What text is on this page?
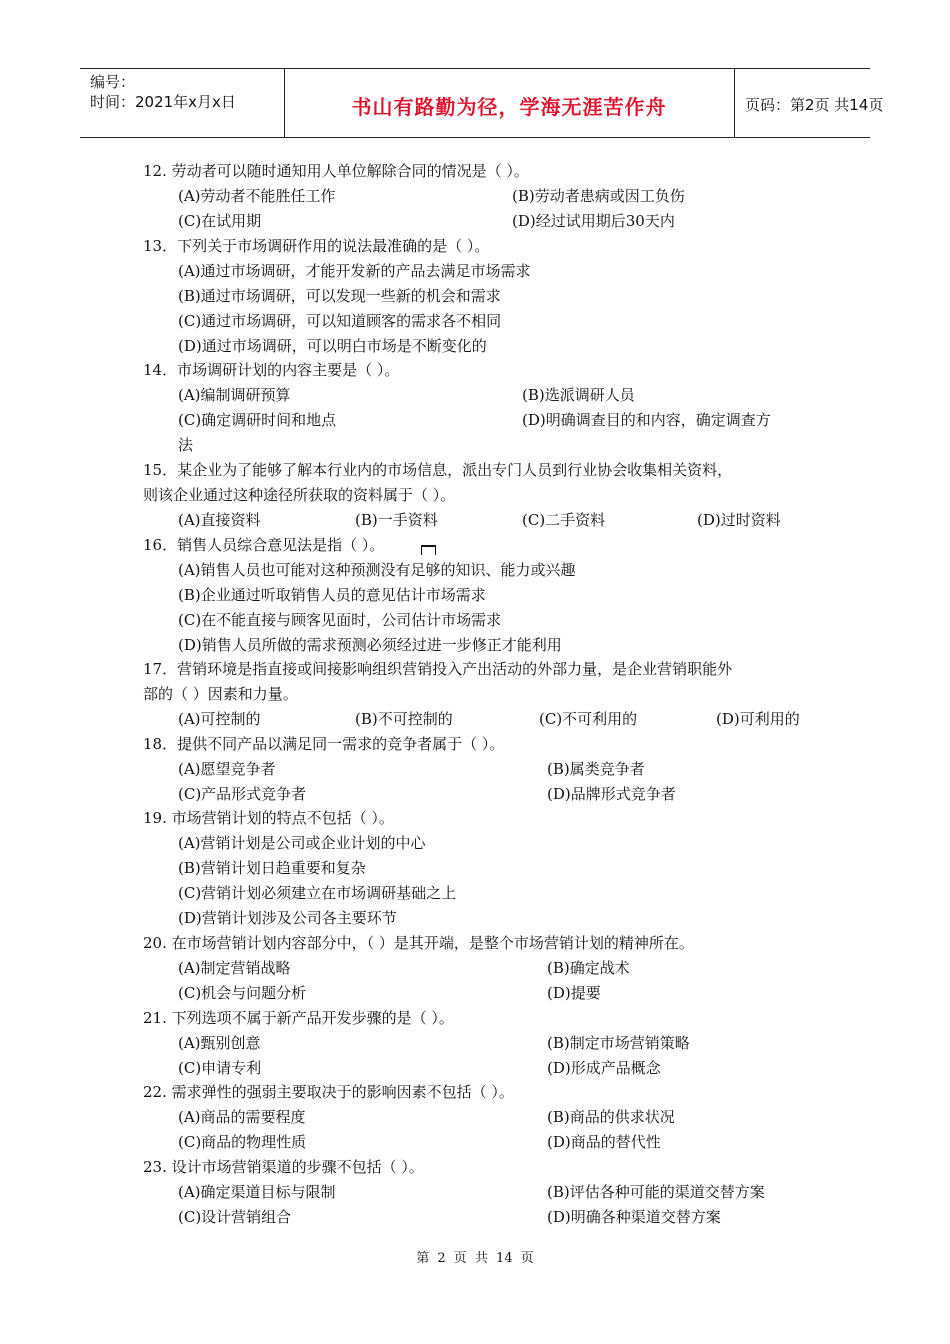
编号：
时间：2021年x月x日	书山有路勤为径，学海无涯苦作舟	页码：第2页 共14页
12. 劳动者可以随时通知用人单位解除合同的情况是（ ）。
(A)劳动者不能胜任工作	(B)劳动者患病或因工负伤
(C)在试用期	(D)经过试用期后30天内
13．下列关于市场调研作用的说法最准确的是（ ）。
(A)通过市场调研，才能开发新的产品去满足市场需求
(B)通过市场调研，可以发现一些新的机会和需求
(C)通过市场调研，可以知道顾客的需求各不相同
(D)通过市场调研，可以明白市场是不断变化的
14．市场调研计划的内容主要是（ ）。
(A)编制调研预算	(B)选派调研人员
(C)确定调研时间和地点	(D)明确调查目的和内容，确定调查方
法
15．某企业为了能够了解本行业内的市场信息，派出专门人员到行业协会收集相关资料，
则该企业通过这种途径所获取的资料属于（ ）。
(A)直接资料	(B)一手资料	(C)二手资料	(D)过时资料
16．销售人员综合意见法是指（ ）。
(A)销售人员也可能对这种预测没有足够的知识、能力或兴趣
(B)企业通过听取销售人员的意见估计市场需求
(C)在不能直接与顾客见面时，公司估计市场需求
(D)销售人员所做的需求预测必须经过进一步修正才能利用
17．营销环境是指直接或间接影响组织营销投入产出活动的外部力量，是企业营销职能外
部的（ ）因素和力量。
(A)可控制的	(B)不可控制的	(C)不可利用的	(D)可利用的
18．提供不同产品以满足同一需求的竞争者属于（ ）。
(A)愿望竞争者	(B)属类竞争者
(C)产品形式竞争者	(D)品牌形式竞争者
19. 市场营销计划的特点不包括（ ）。
(A)营销计划是公司或企业计划的中心
(B)营销计划日趋重要和复杂
(C)营销计划必须建立在市场调研基础之上
(D)营销计划涉及公司各主要环节
20. 在市场营销计划内容部分中，（ ）是其开端，是整个市场营销计划的精神所在。
(A)制定营销战略	(B)确定战术
(C)机会与问题分析	(D)提要
21. 下列选项不属于新产品开发步骤的是（ ）。
(A)甄别创意	(B)制定市场营销策略
(C)申请专利	(D)形成产品概念
22. 需求弹性的强弱主要取决于的影响因素不包括（ ）。
(A)商品的需要程度	(B)商品的供求状况
(C)商品的物理性质	(D)商品的替代性
23. 设计市场营销渠道的步骤不包括（ ）。
(A)确定渠道目标与限制	(B)评估各种可能的渠道交替方案
(C)设计营销组合	(D)明确各种渠道交替方案
第 2 页 共 14 页
